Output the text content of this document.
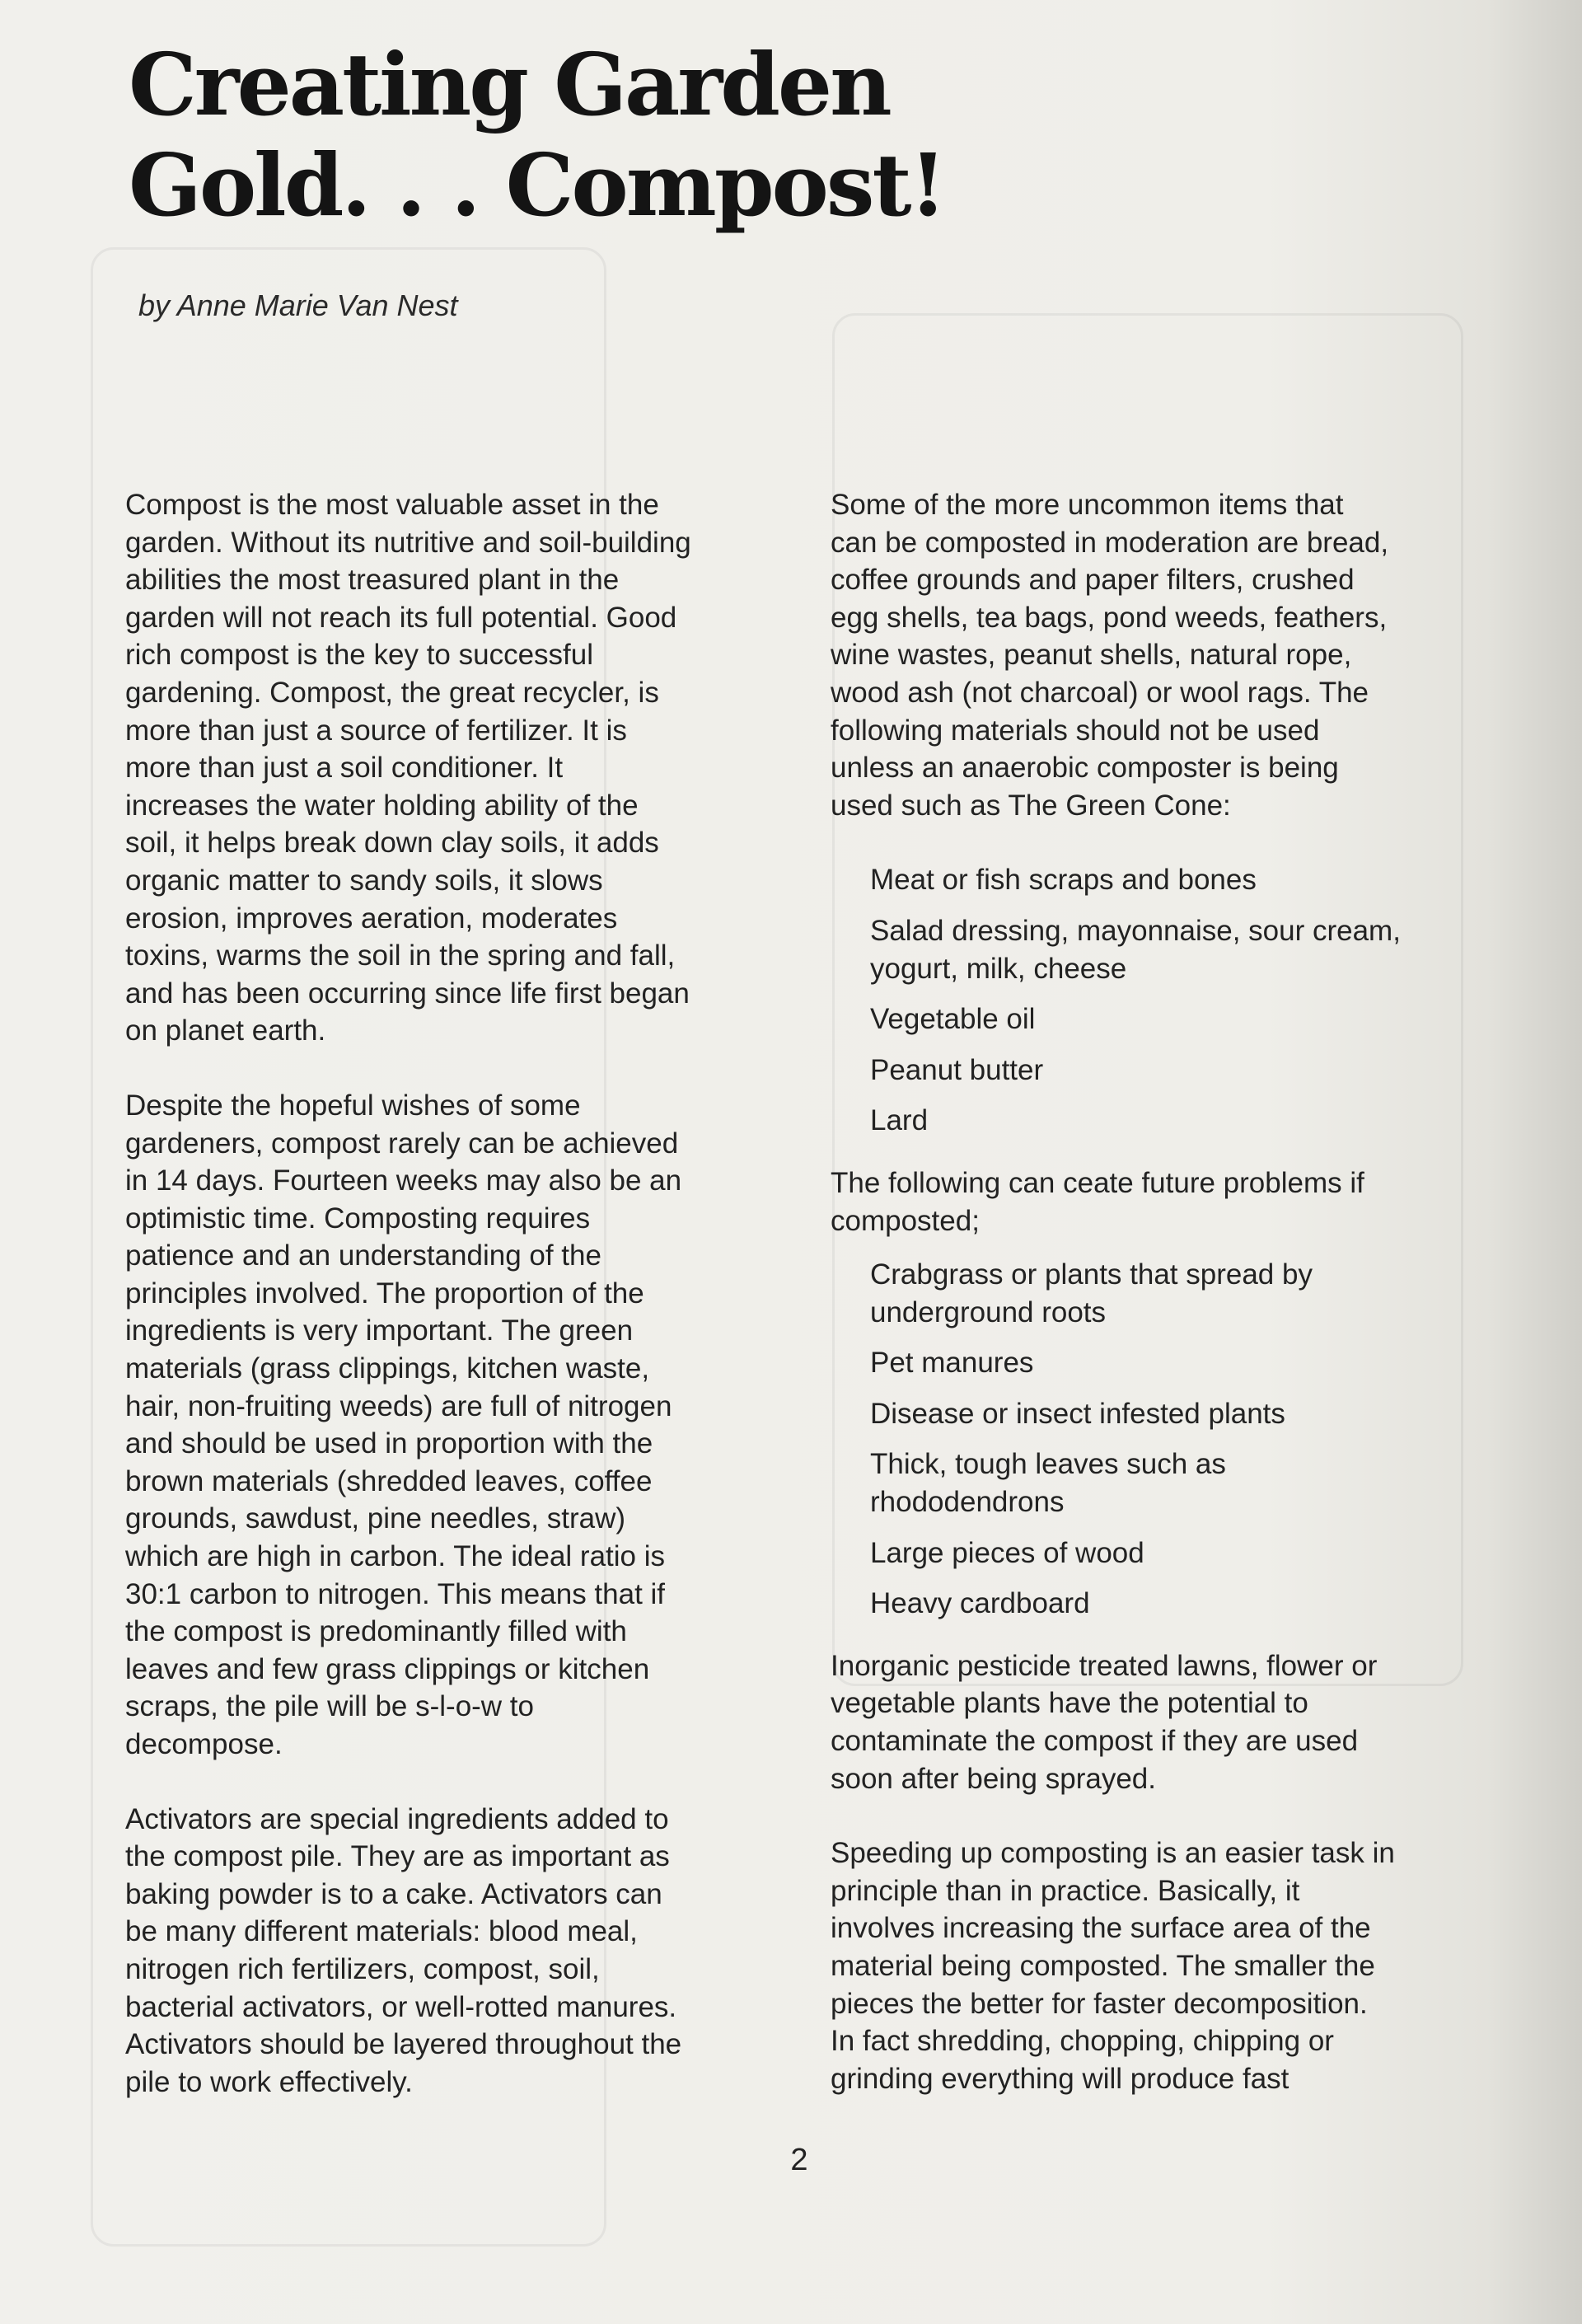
Creating Garden
Gold. . . Compost!
by Anne Marie Van Nest

Compost is the most valuable asset in the
garden. Without its nutritive and soil-building
abilities the most treasured plant in the
garden will not reach its full potential. Good
rich compost is the key to successful
gardening. Compost, the great recycler, is
more than just a source of fertilizer. It is
more than just a soil conditioner. It
increases the water holding ability of the
soil, it helps break down clay soils, it adds
organic matter to sandy soils, it slows
erosion, improves aeration, moderates
toxins, warms the soil in the spring and fall,
and has been occurring since life first began
on planet earth.

Despite the hopeful wishes of some
gardeners, compost rarely can be achieved
in 14 days. Fourteen weeks may also be an
optimistic time. Composting requires
patience and an understanding of the
principles involved. The proportion of the
ingredients is very important. The green
materials (grass clippings, kitchen waste,
hair, non-fruiting weeds) are full of nitrogen
and should be used in proportion with the
brown materials (shredded leaves, coffee
grounds, sawdust, pine needles, straw)
which are high in carbon. The ideal ratio is
30:1 carbon to nitrogen. This means that if
the compost is predominantly filled with
leaves and few grass clippings or kitchen
scraps, the pile will be s-l-o-w to
decompose.

Activators are special ingredients added to
the compost pile. They are as important as
baking powder is to a cake. Activators can
be many different materials: blood meal,
nitrogen rich fertilizers, compost, soil,
bacterial activators, or well-rotted manures.
Activators should be layered throughout the
pile to work effectively.

Some of the more uncommon items that
can be composted in moderation are bread,
coffee grounds and paper filters, crushed
egg shells, tea bags, pond weeds, feathers,
wine wastes, peanut shells, natural rope,
wood ash (not charcoal) or wool rags. The
following materials should not be used
unless an anaerobic composter is being
used such as The Green Cone:

Meat or fish scraps and bones
Salad dressing, mayonnaise, sour cream,
yogurt, milk, cheese
Vegetable oil
Peanut butter
Lard

The following can ceate future problems if
composted;

Crabgrass or plants that spread by
underground roots
Pet manures
Disease or insect infested plants
Thick, tough leaves such as
rhododendrons
Large pieces of wood
Heavy cardboard

Inorganic pesticide treated lawns, flower or
vegetable plants have the potential to
contaminate the compost if they are used
soon after being sprayed.

Speeding up composting is an easier task in
principle than in practice. Basically, it
involves increasing the surface area of the
material being composted. The smaller the
pieces the better for faster decomposition.
In fact shredding, chopping, chipping or
grinding everything will produce fast

2
